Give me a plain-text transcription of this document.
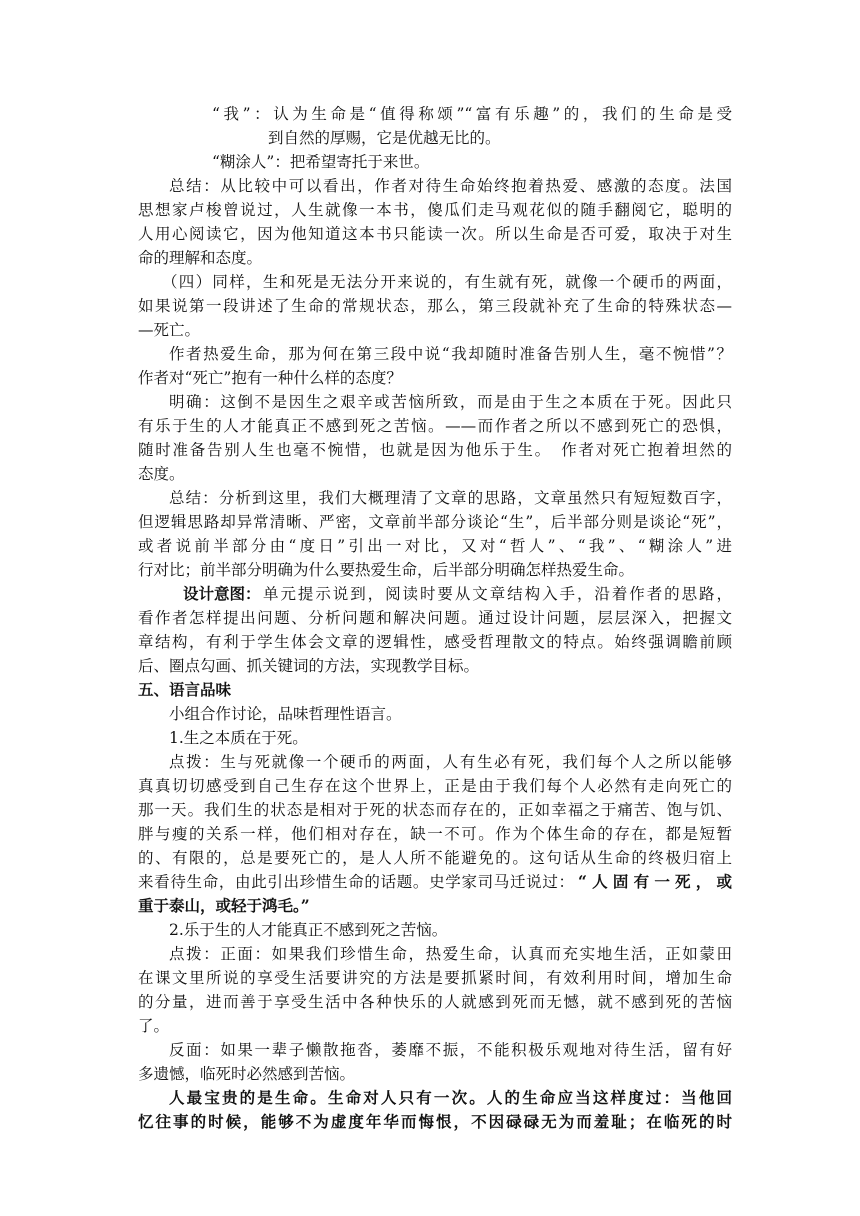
“我”：认为生命是“值得称颂”“富有乐趣”的，我们的生命是受
到自然的厚赐，它是优越无比的。
“糊涂人”：把希望寄托于来世。
总结：从比较中可以看出，作者对待生命始终抱着热爱、感激的态度。法国
思想家卢梭曾说过，人生就像一本书，傻瓜们走马观花似的随手翻阅它，聪明的
人用心阅读它，因为他知道这本书只能读一次。所以生命是否可爱，取决于对生
命的理解和态度。
（四）同样，生和死是无法分开来说的，有生就有死，就像一个硬币的两面，
如果说第一段讲述了生命的常规状态，那么，第三段就补充了生命的特殊状态—
—死亡。
作者热爱生命，那为何在第三段中说“我却随时准备告别人生，毫不惋惜”？
作者对“死亡”抱有一种什么样的态度？
明确：这倒不是因生之艰辛或苦恼所致，而是由于生之本质在于死。因此只
有乐于生的人才能真正不感到死之苦恼。——而作者之所以不感到死亡的恐惧，
随时准备告别人生也毫不惋惜，也就是因为他乐于生。　作者对死亡抱着坦然的
态度。
总结：分析到这里，我们大概理清了文章的思路，文章虽然只有短短数百字，
但逻辑思路却异常清晰、严密，文章前半部分谈论“生”，后半部分则是谈论“死”，
或者说前半部分由“度日”引出一对比，又对“哲人”、“我”、“糊涂人”进
行对比；前半部分明确为什么要热爱生命，后半部分明确怎样热爱生命。
设计意图： 单元提示说到，阅读时要从文章结构入手，沿着作者的思路，
看作者怎样提出问题、分析问题和解决问题。通过设计问题，层层深入，把握文
章结构，有利于学生体会文章的逻辑性，感受哲理散文的特点。始终强调瞻前顾
后、圈点勾画、抓关键词的方法，实现教学目标。
五、语言品味
小组合作讨论，品味哲理性语言。
1.生之本质在于死。
点拨：生与死就像一个硬币的两面，人有生必有死，我们每个人之所以能够
真真切切感受到自己生存在这个世界上，正是由于我们每个人必然有走向死亡的
那一天。我们生的状态是相对于死的状态而存在的，正如幸福之于痛苦、饱与饥、
胖与瘦的关系一样，他们相对存在，缺一不可。作为个体生命的存在，都是短暂
的、有限的，总是要死亡的，是人人所不能避免的。这句话从生命的终极归宿上
来看待生命，由此引出珍惜生命的话题。史学家司马迁说过： “人固有一死，或
重于泰山，或轻于鸿毛。”
2.乐于生的人才能真正不感到死之苦恼。
点拨：正面：如果我们珍惜生命，热爱生命，认真而充实地生活，正如蒙田
在课文里所说的享受生活要讲究的方法是要抓紧时间，有效利用时间，增加生命
的分量，进而善于享受生活中各种快乐的人就感到死而无憾，就不感到死的苦恼
了。
反面：如果一辈子懒散拖沓，萎靡不振，不能积极乐观地对待生活，留有好
多遗憾，临死时必然感到苦恼。
人最宝贵的是生命。生命对人只有一次。人的生命应当这样度过：当他回
忆往事的时候，能够不为虚度年华而悔恨，不因碌碌无为而羞耻；在临死的时
